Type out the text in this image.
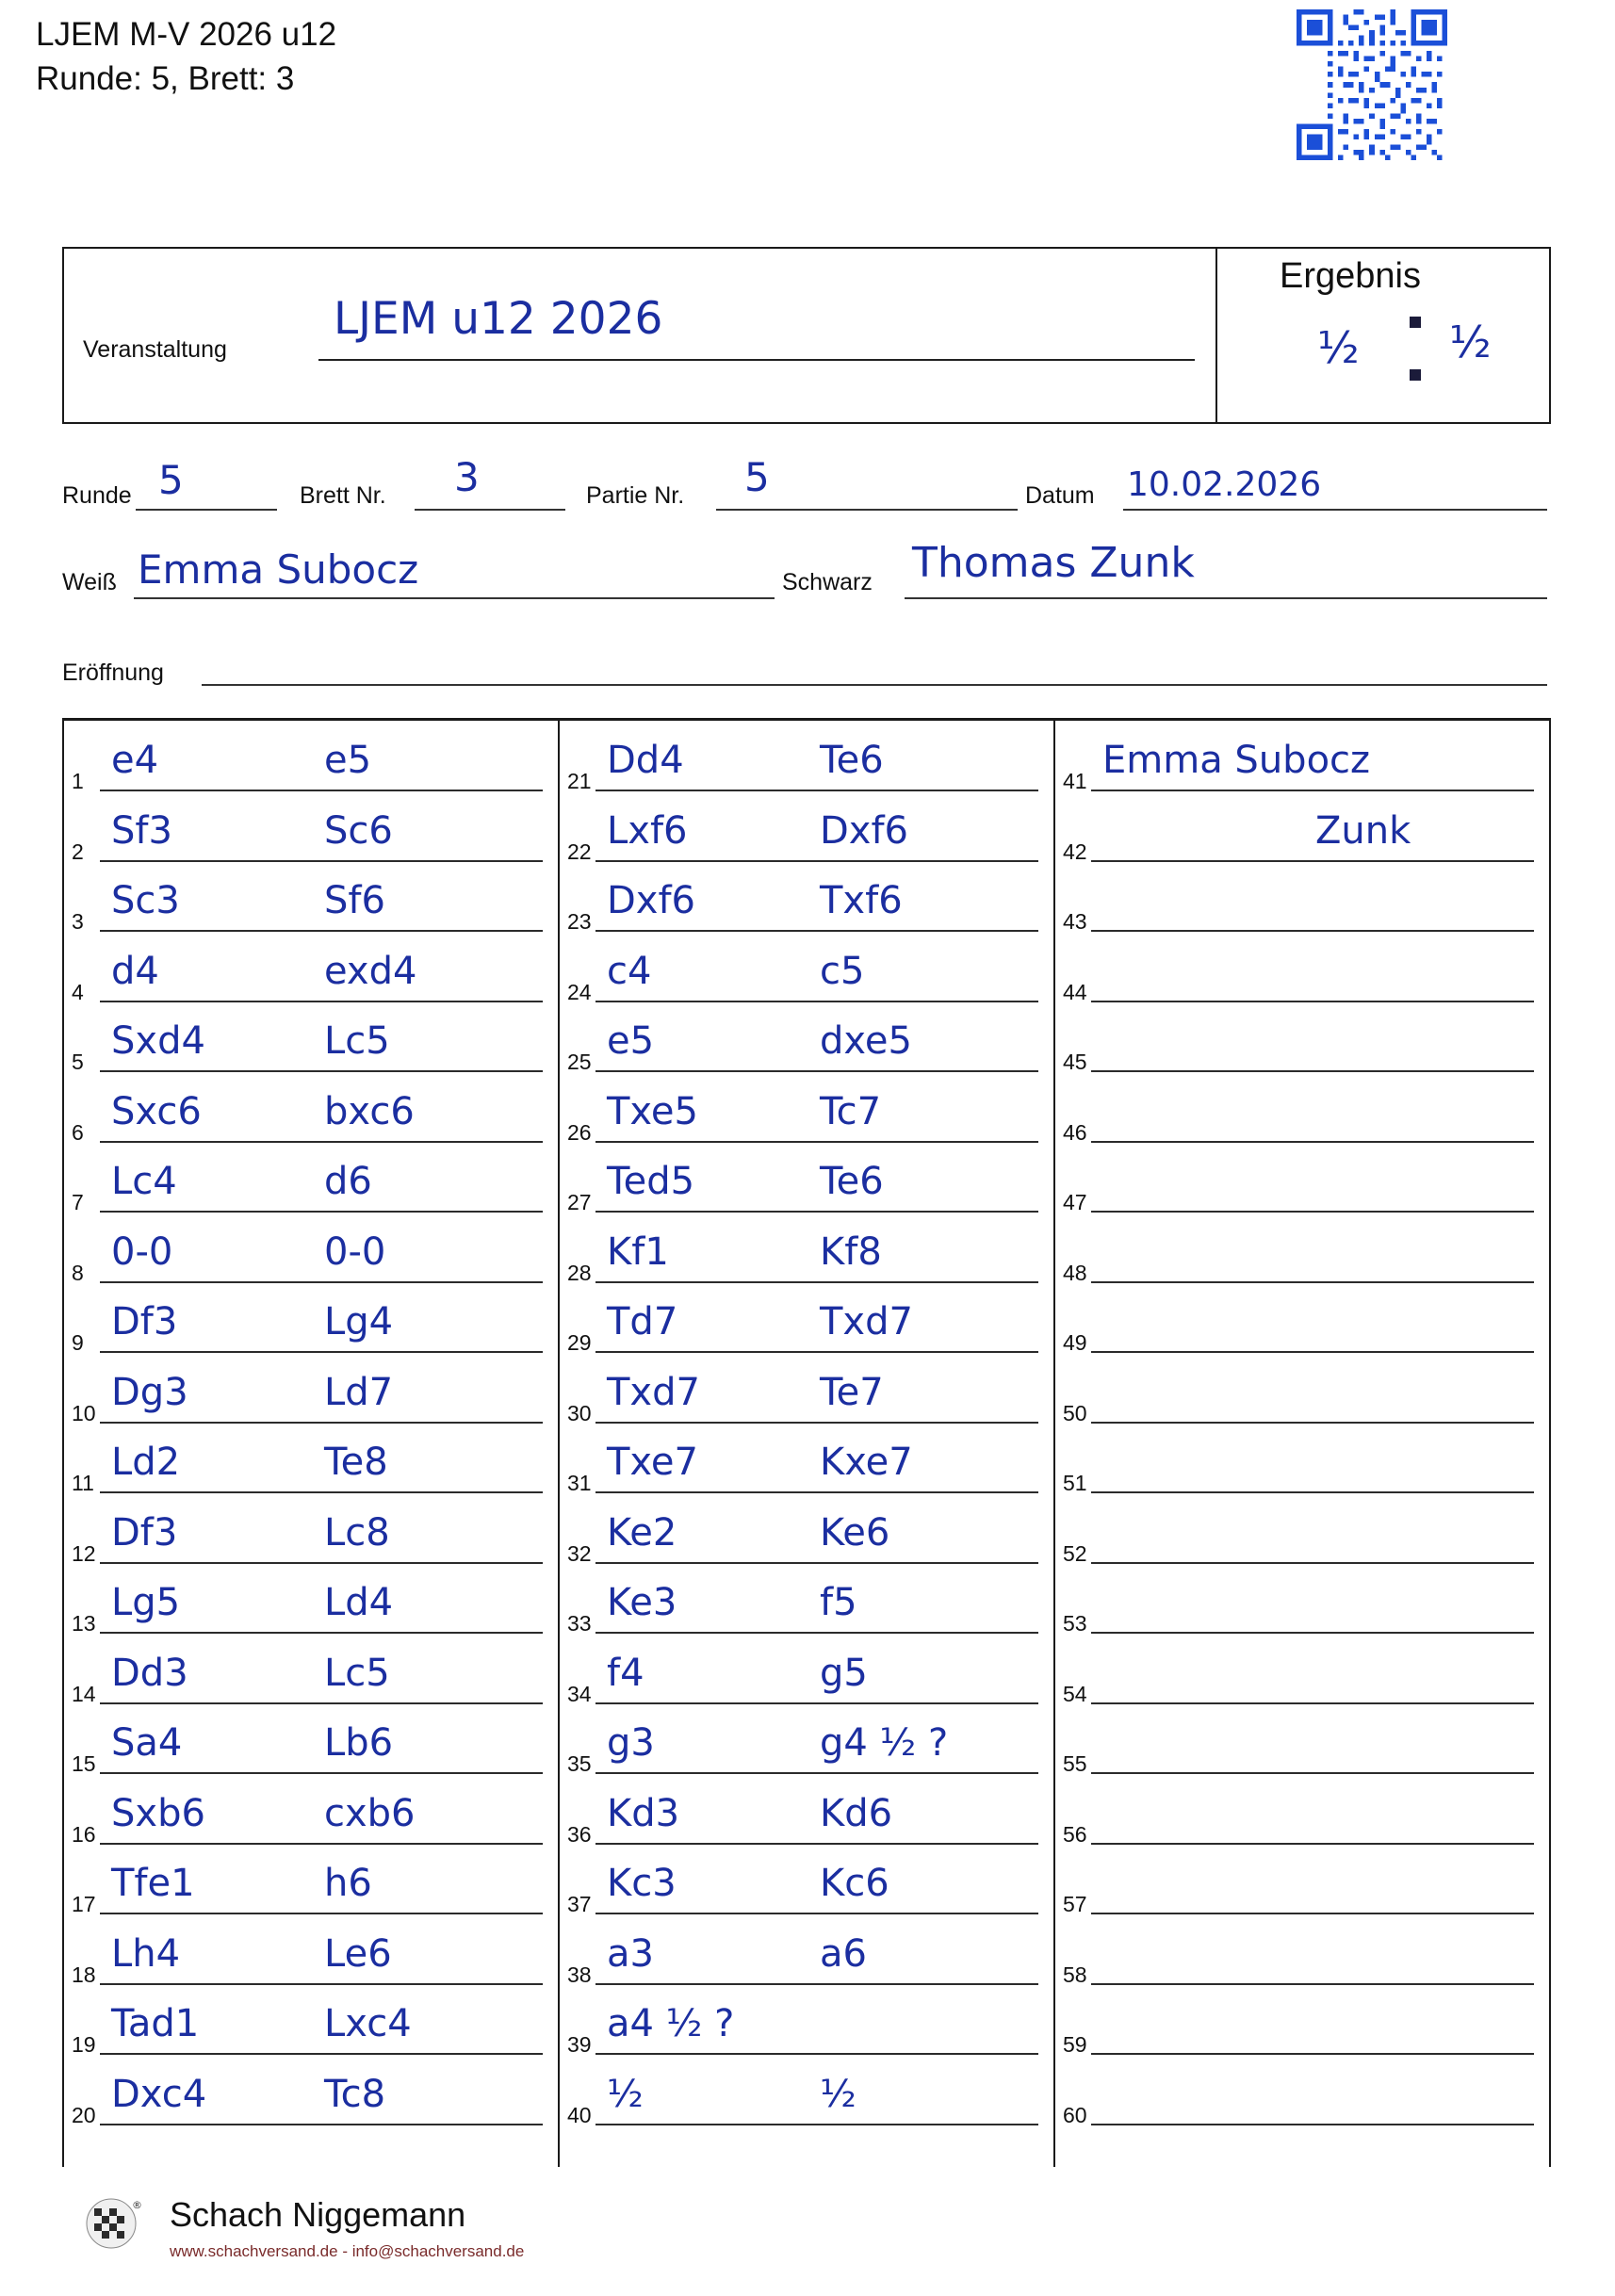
LJEM M-V 2026 u12
Runde: 5, Brett: 3
Veranstaltung
LJEM u12 2026
Ergebnis
½ ½
Runde 5	Brett Nr. 3	Partie Nr. 5	Datum 10.02.2026
Weiß Emma Subocz	Schwarz Thomas Zunk
Eröffnung
1 e4	e5
2 Sf3	Sc6
3 Sc3	Sf6
4 d4	exd4
5 Sxd4	Lc5
6 Sxc6	bxc6
7 Lc4	d6
8 0-0	0-0
9 Df3	Lg4
10 Dg3	Ld7
11 Ld2	Te8
12 Df3	Lc8
13 Lg5	Ld4
14 Dd3	Lc5
15 Sa4	Lb6
16 Sxb6	cxb6
17 Tfe1	h6
18 Lh4	Le6
19 Tad1	Lxc4
20 Dxc4	Tc8
21 Dd4	Te6
22 Lxf6	Dxf6
23 Dxf6	Txf6
24 c4	c5
25 e5	dxe5
26 Txe5	Tc7
27 Ted5	Te6
28 Kf1	Kf8
29 Td7	Txd7
30 Txd7	Te7
31 Txe7	Kxe7
32 Ke2	Ke6
33 Ke3	f5
34 f4	g5
35 g3	g4 ½ ?
36 Kd3	Kd6
37 Kc3	Kc6
38 a3	a6
39 a4 ½ ?
40 ½	½
41 Emma Subocz
42	Zunk
43
44
45
46
47
48
49
50
51
52
53
54
55
56
57
58
59
60
® Schach Niggemann
www.schachversand.de - info@schachversand.de
